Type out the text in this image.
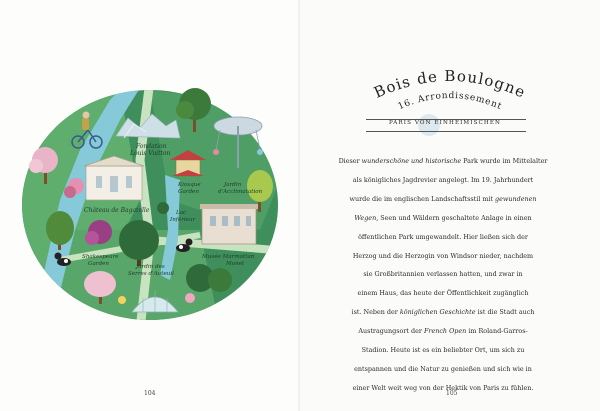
Fondation Louis Vuitton
Kiosque Garden
Jardin d'Acclimatation
Château de Bagatelle	Lac Inférieur
Shakespeare Garden
Musée Marmottan Monet
Jardin des Serres d'Auteuil
104
Bois de Boulogne
16. Arrondissement
PARIS VON EINHEIMISCHEN

Dieser wunderschöne und historische Park wurde im Mittelalter

als königliches Jagdrevier angelegt. Im 19. Jahrhundert

wurde die im englischen Landschaftsstil mit gewundenen

Wegen, Seen und Wäldern geschaltete Anlage in einen

öffentlichen Park umgewandelt. Hier ließen sich der

Herzog und die Herzogin von Windsor nieder, nachdem

sie Großbritannien verlassen hatten, und zwar in

einem Haus, das heute der Öffentlichkeit zugänglich

ist. Neben der königlichen Geschichte ist die Stadt auch

Austragungsort der French Open im Roland-Garros-

Stadion. Heute ist es ein beliebter Ort, um sich zu

entspannen und die Natur zu genießen und sich wie in

einer Welt weit weg von der Hektik von Paris zu fühlen.

105
